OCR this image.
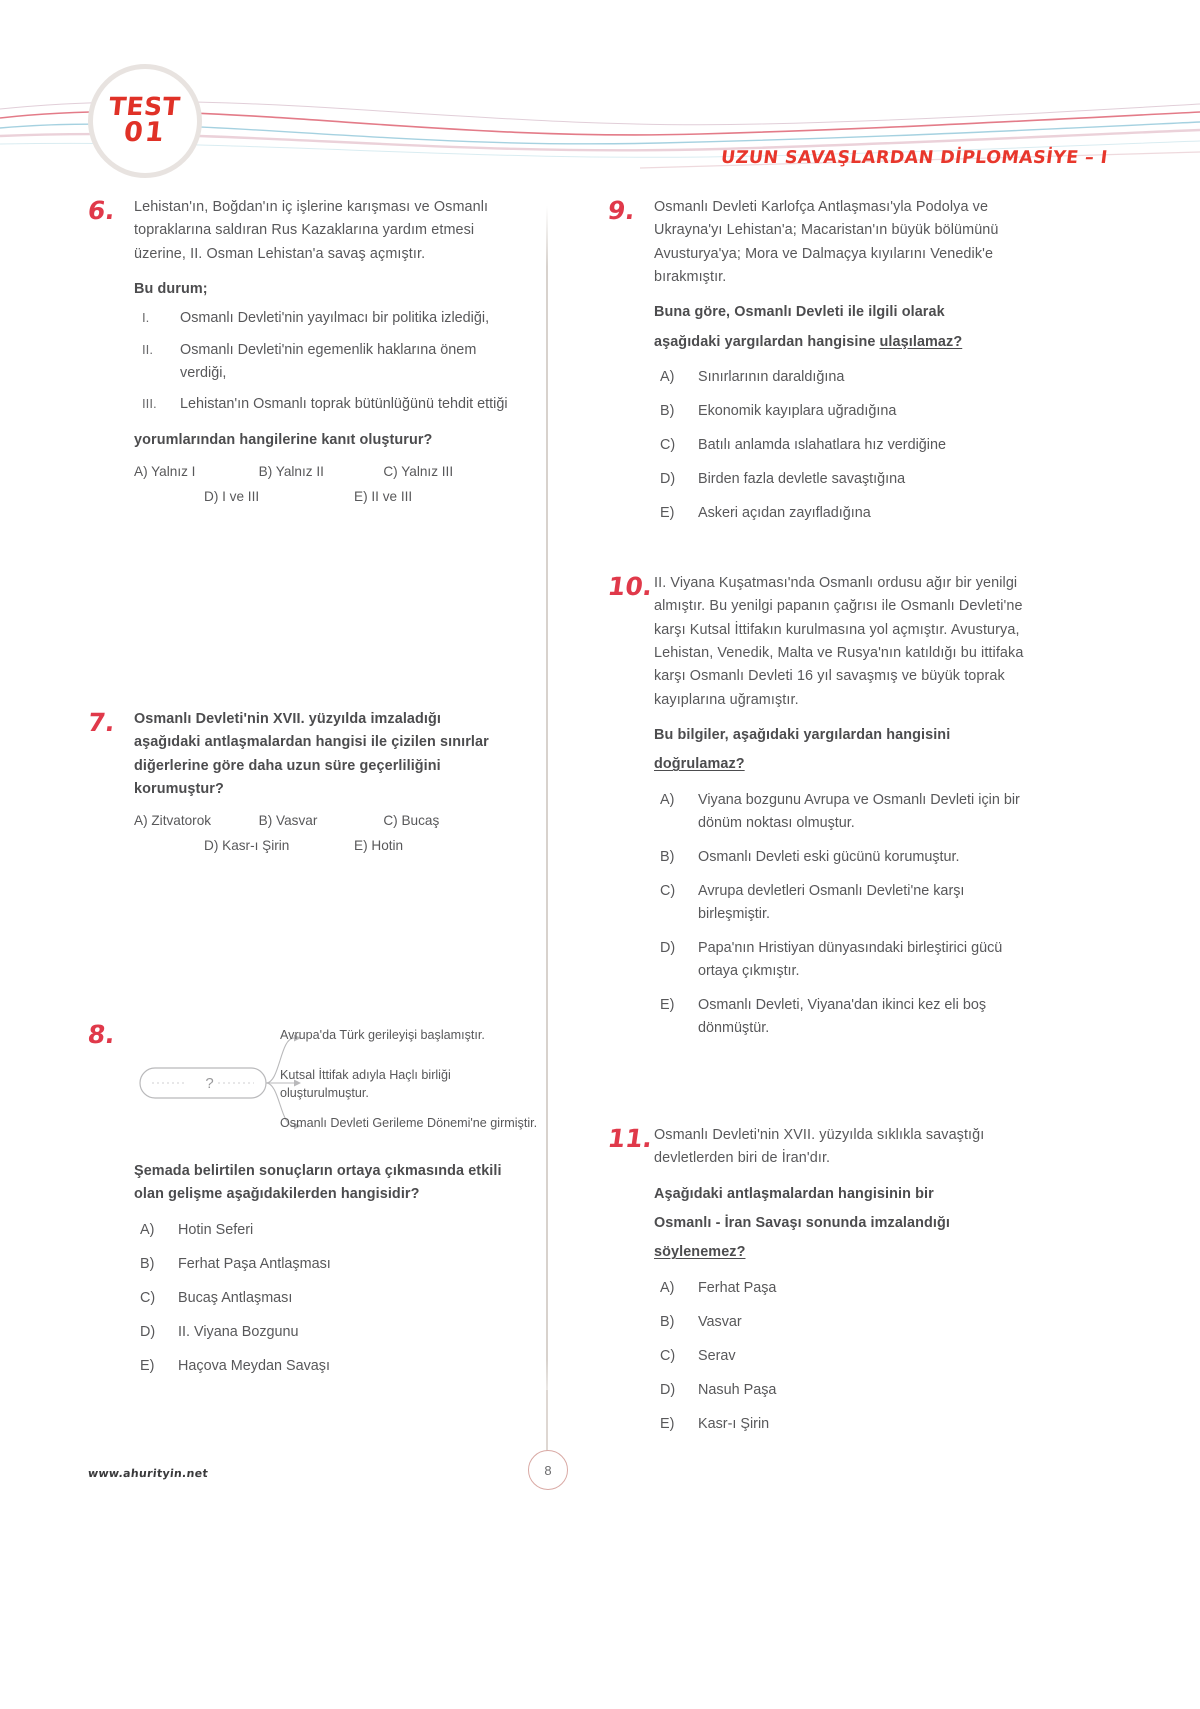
TEST
01
UZUN SAVAŞLARDAN DİPLOMASİYE – I
6.	Lehistan'ın, Boğdan'ın iç işlerine karışması ve Osmanlı topraklarına saldıran Rus Kazaklarına yardım etmesi üzerine, II. Osman Lehistan'a savaş açmıştır.

Bu durum;

I. Osmanlı Devleti'nin yayılmacı bir politika izlediği,
II. Osmanlı Devleti'nin egemenlik haklarına önem verdiği,
III. Lehistan'ın Osmanlı toprak bütünlüğünü tehdit ettiği

yorumlarından hangilerine kanıt oluşturur?

A) Yalnız I	B) Yalnız II	C) Yalnız III
D) I ve III	E) II ve III
7.	Osmanlı Devleti'nin XVII. yüzyılda imzaladığı aşağıdaki antlaşmalardan hangisi ile çizilen sınırlar diğerlerine göre daha uzun süre geçerliliğini korumuştur?

A) Zitvatorok	B) Vasvar	C) Bucaş
D) Kasr-ı Şirin	E) Hotin
8.
?
Avrupa'da Türk gerileyişi başlamıştır.
Kutsal İttifak adıyla Haçlı birliği oluşturulmuştur.
Osmanlı Devleti Gerileme Dönemi'ne girmiştir.

Şemada belirtilen sonuçların ortaya çıkmasında etkili olan gelişme aşağıdakilerden hangisidir?

A) Hotin Seferi
B) Ferhat Paşa Antlaşması
C) Bucaş Antlaşması
D) II. Viyana Bozgunu
E) Haçova Meydan Savaşı
9.	Osmanlı Devleti Karlofça Antlaşması'yla Podolya ve Ukrayna'yı Lehistan'a; Macaristan'ın büyük bölümünü Avusturya'ya; Mora ve Dalmaçya kıyılarını Venedik'e bırakmıştır.

Buna göre, Osmanlı Devleti ile ilgili olarak

aşağıdaki yargılardan hangisine ulaşılamaz?

A) Sınırlarının daraldığına
B) Ekonomik kayıplara uğradığına
C) Batılı anlamda ıslahatlara hız verdiğine
D) Birden fazla devletle savaştığına
E) Askeri açıdan zayıfladığına
10. II. Viyana Kuşatması'nda Osmanlı ordusu ağır bir yenilgi almıştır. Bu yenilgi papanın çağrısı ile Osmanlı Devleti'ne karşı Kutsal İttifakın kurulmasına yol açmıştır. Avusturya, Lehistan, Venedik, Malta ve Rusya'nın katıldığı bu ittifaka karşı Osmanlı Devleti 16 yıl savaşmış ve büyük toprak kayıplarına uğramıştır.

Bu bilgiler, aşağıdaki yargılardan hangisini

doğrulamaz?

A) Viyana bozgunu Avrupa ve Osmanlı Devleti için bir dönüm noktası olmuştur.
B) Osmanlı Devleti eski gücünü korumuştur.
C) Avrupa devletleri Osmanlı Devleti'ne karşı birleşmiştir.
D) Papa'nın Hristiyan dünyasındaki birleştirici gücü ortaya çıkmıştır.
E) Osmanlı Devleti, Viyana'dan ikinci kez eli boş dönmüştür.
11. Osmanlı Devleti'nin XVII. yüzyılda sıklıkla savaştığı devletlerden biri de İran'dır.

Aşağıdaki antlaşmalardan hangisinin bir

Osmanlı - İran Savaşı sonunda imzalandığı

söylenemez?

A) Ferhat Paşa
B) Vasvar
C) Serav
D) Nasuh Paşa
E) Kasr-ı Şirin
www.ahurityin.net	8
